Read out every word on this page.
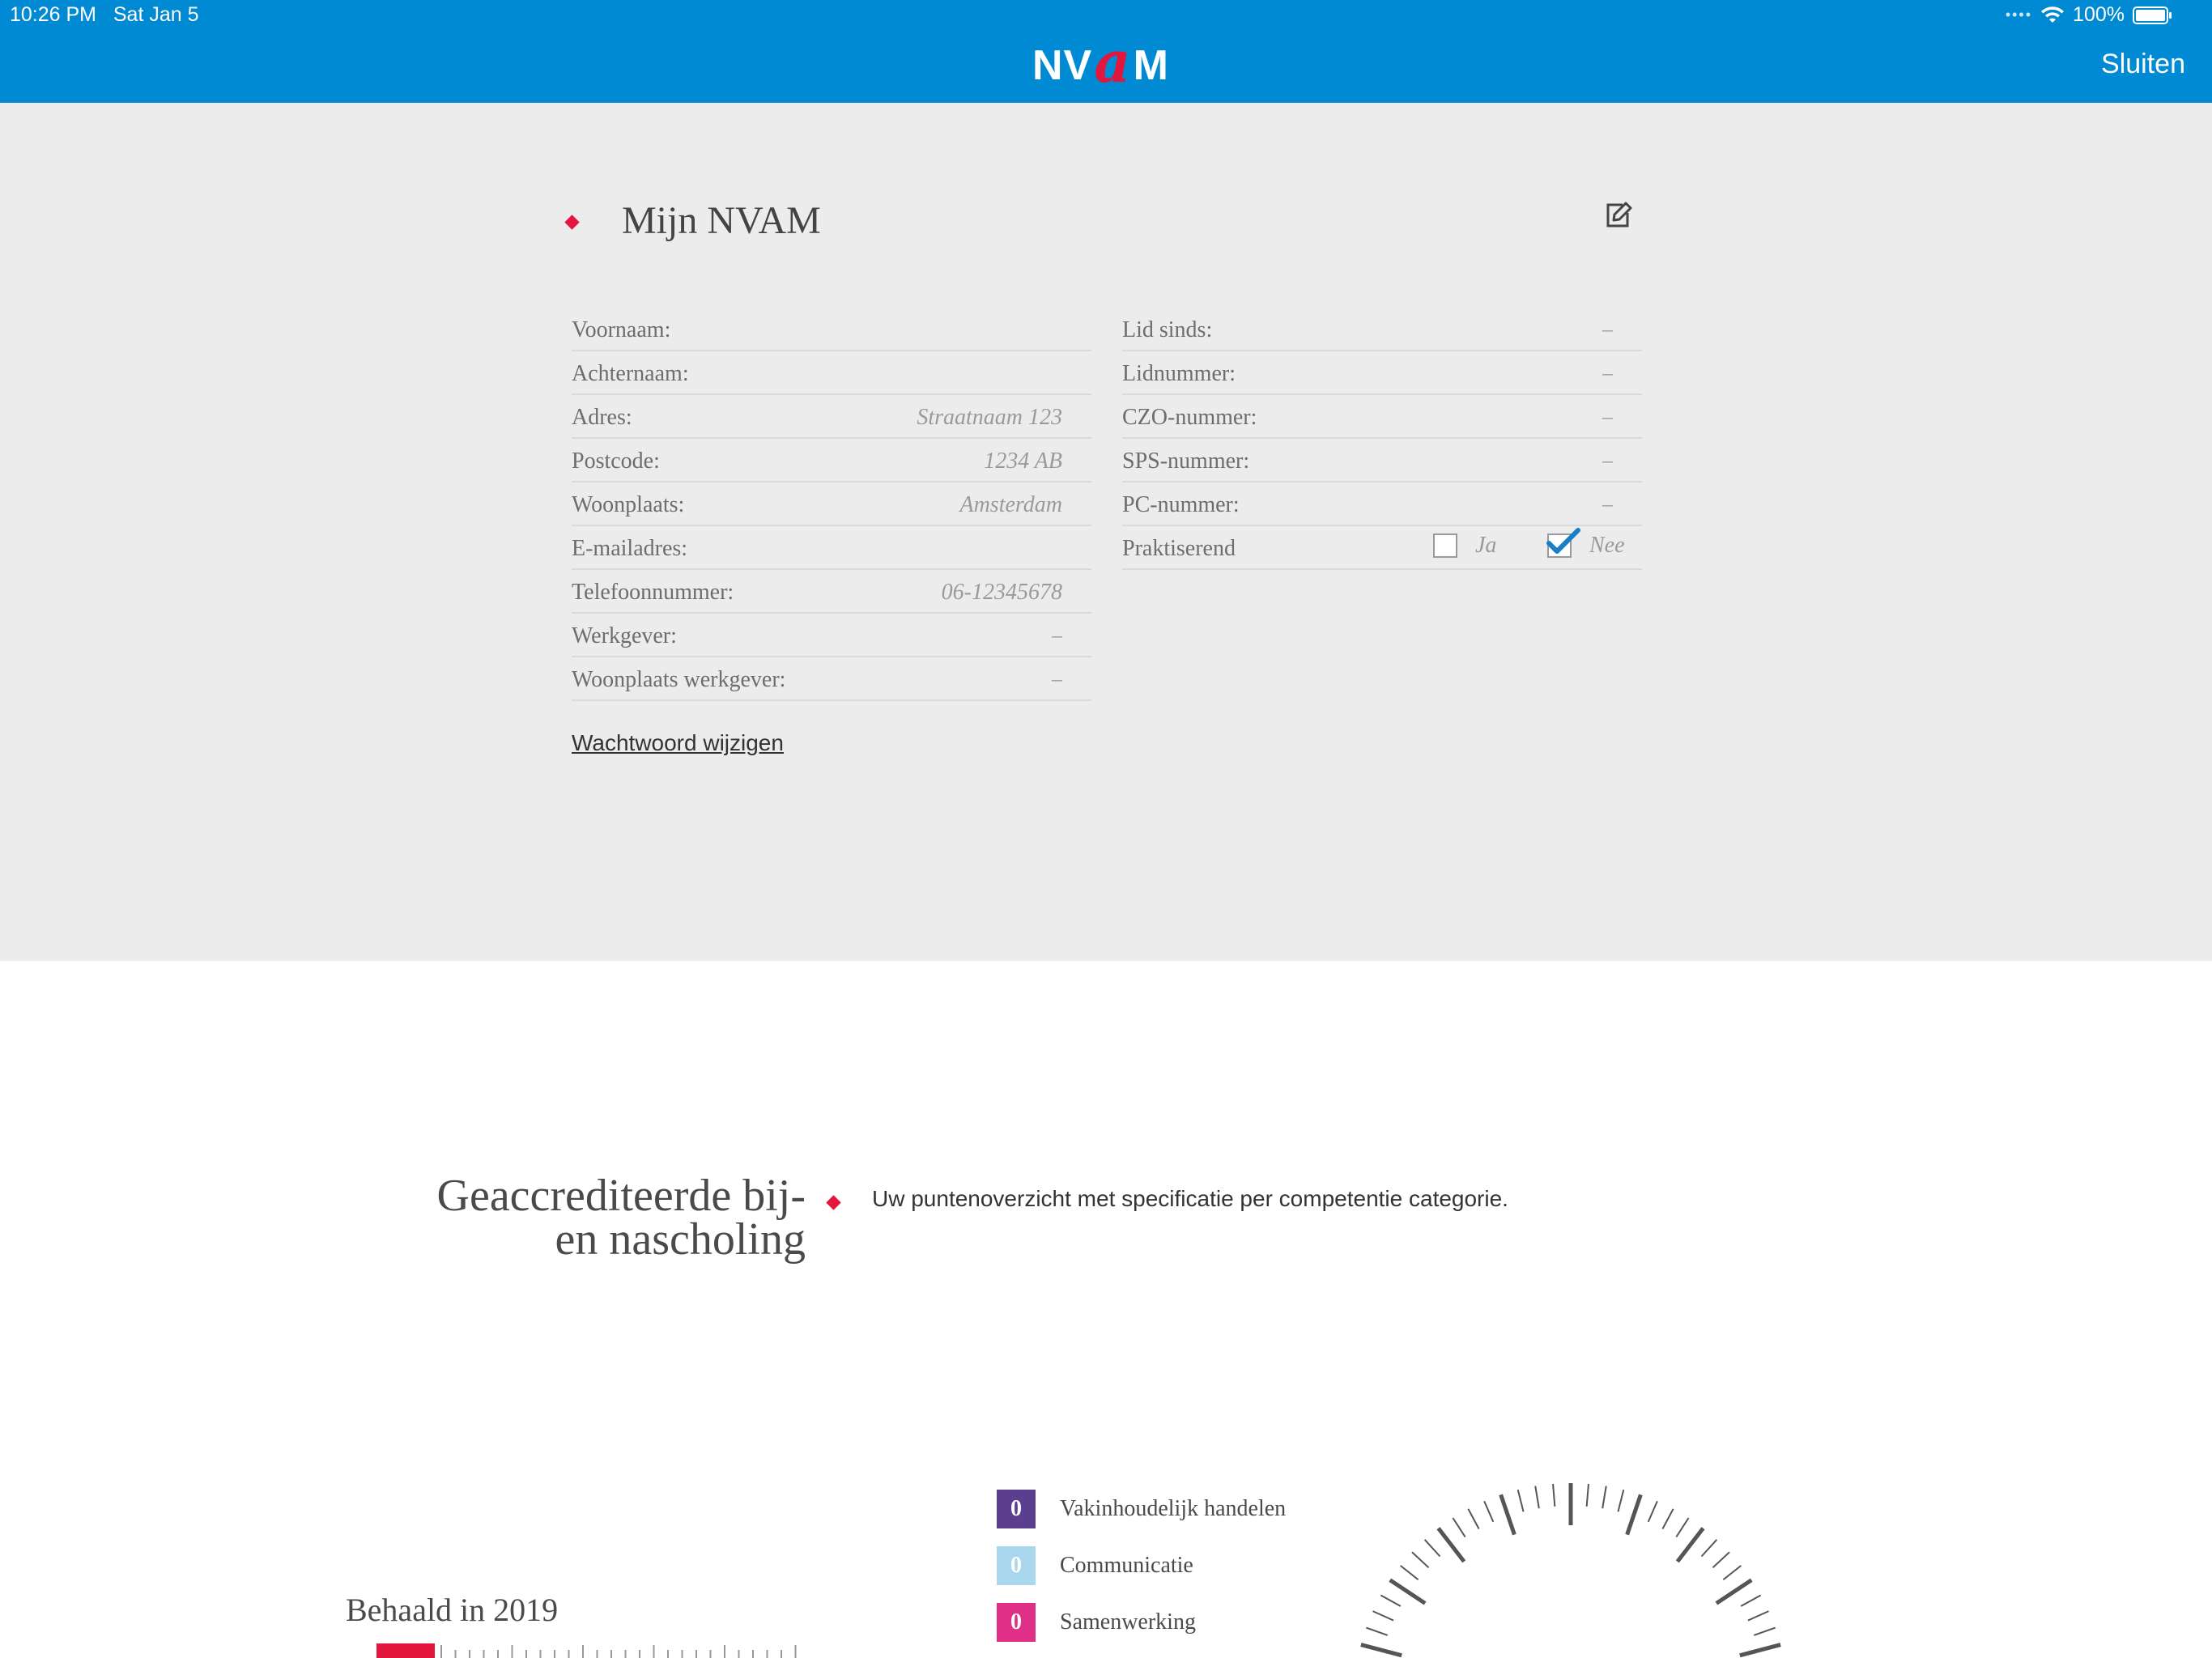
10:26 PM Sat Jan 5	•••• 100%
NV a M	Sluiten
Mijn NVAM
Voornaam:
Achternaam:
Adres:	Straatnaam 123
Postcode:	1234 AB
Woonplaats:	Amsterdam
E-mailadres:
Telefoonnummer:	06-12345678
Werkgever:	–
Woonplaats werkgever:	–
Lid sinds:	–
Lidnummer:	–
CZO-nummer:	–
SPS-nummer:	–
PC-nummer:	–
Praktiserend	Ja	Nee
Wachtwoord wijzigen
Geaccrediteerde bij-
en nascholing
Uw puntenoverzicht met specificatie per competentie categorie.
Behaald in 2019
0	Vakinhoudelijk handelen
0	Communicatie
0	Samenwerking
